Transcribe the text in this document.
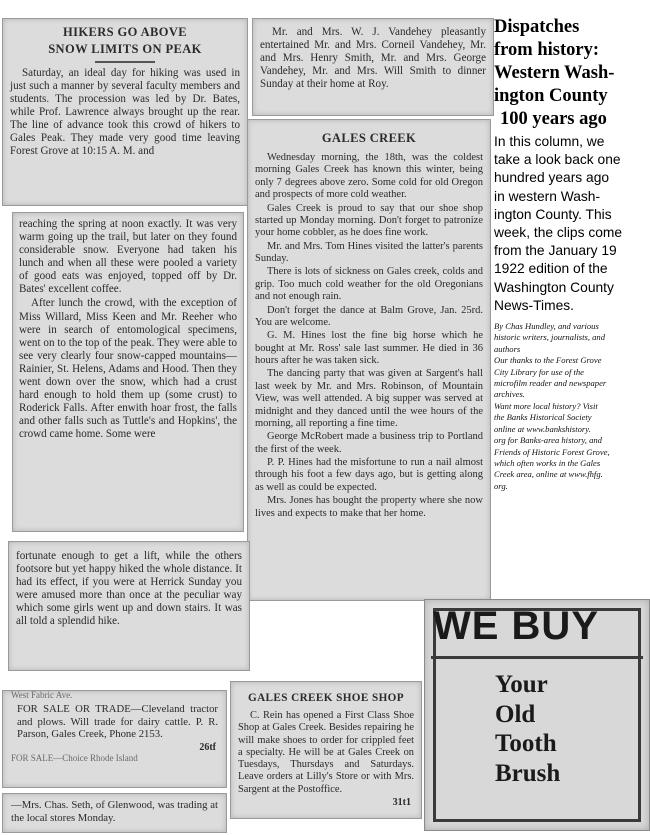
HIKERS GO ABOVE
SNOW LIMITS ON PEAK

Saturday, an ideal day for hiking was used in just such a manner by several faculty members and students. The procession was led by Dr. Bates, while Prof. Lawrence always brought up the rear. The line of advance took this crowd of hikers to Gales Peak. They made very good time leaving Forest Grove at 10:15 A. M. and

Mr. and Mrs. W. J. Vandehey pleasantly entertained Mr. and Mrs. Corneil Vandehey, Mr. and Mrs. Henry Smith, Mr. and Mrs. George Vandehey, Mr. and Mrs. Will Smith to dinner Sunday at their home at Roy.

GALES CREEK

Wednesday morning, the 18th, was the coldest morning Gales Creek has known this winter, being only 7 degrees above zero. Some cold for old Oregon and prospects of more cold weather.

Gales Creek is proud to say that our shoe shop started up Monday morning. Don't forget to patronize your home cobbler, as he does fine work.

Mr. and Mrs. Tom Hines visited the latter's parents Sunday.

There is lots of sickness on Gales creek, colds and grip. Too much cold weather for the old Oregonians and not enough rain.

Don't forget the dance at Balm Grove, Jan. 25rd. You are welcome.

G. M. Hines lost the fine big horse which he bought at Mr. Ross' sale last summer. He died in 36 hours after he was taken sick.

The dancing party that was given at Sargent's hall last week by Mr. and Mrs. Robinson, of Mountain View, was well attended. A big supper was served at midnight and they danced until the wee hours of the morning, all reporting a fine time.

George McRobert made a business trip to Portland the first of the week.

P. P. Hines had the misfortune to run a nail almost through his foot a few days ago, but is getting along as well as could be expected.

Mrs. Jones has bought the property where she now lives and expects to make that her home.

reaching the spring at noon exactly. It was very warm going up the trail, but later on they found considerable snow. Everyone had taken his lunch and when all these were pooled a variety of good eats was enjoyed, topped off by Dr. Bates' excellent coffee.

After lunch the crowd, with the exception of Miss Willard, Miss Keen and Mr. Reeher who were in search of entomological specimens, went on to the top of the peak. They were able to see very clearly four snow-capped mountains—Rainier, St. Helens, Adams and Hood. Then they went down over the snow, which had a crust hard enough to hold them up (some crust) to Roderick Falls. After enwith hoar frost, the falls and other falls such as Tuttle's and Hopkins', the crowd came home. Some were

fortunate enough to get a lift, while the others footsore but yet happy hiked the whole distance. It had its effect, if you were at Herrick Sunday you were amused more than once at the peculiar way which some girls went up and down stairs. It was all told a splendid hike.

West Fabric Ave.

FOR SALE OR TRADE—Cleveland tractor and plows. Will trade for dairy cattle. P. R. Parson, Gales Creek, Phone 2153.

26tf
FOR SALE—Choice Rhode Island
GALES CREEK SHOE SHOP

C. Rein has opened a First Class Shoe Shop at Gales Creek. Besides repairing he will make shoes to order for crippled feet a specialty. He will be at Gales Creek on Tuesdays, Thursdays and Saturdays. Leave orders at Lilly's Store or with Mrs. Sargent at the Postoffice.

31t1

—Mrs. Chas. Seth, of Glenwood, was trading at the local stores Monday.

Dispatches
from history:
Western Wash-
ington County
100 years ago
In this column, we
take a look back one
hundred years ago
in western Wash-
ington County. This
week, the clips come
from the January 19
1922 edition of the
Washington County
News-Times.
By Chas Hundley, and various
historic writers, journalists, and
authors
Our thanks to the Forest Grove
City Library for use of the
microfilm reader and newspaper
archives.
Want more local history? Visit
the Banks Historical Society
online at www.bankshistory.
org for Banks-area history, and
Friends of Historic Forest Grove,
which often works in the Gales
Creek area, online at www.fhfg.
org.
WE BUY
Your
Old
Tooth
Brush
